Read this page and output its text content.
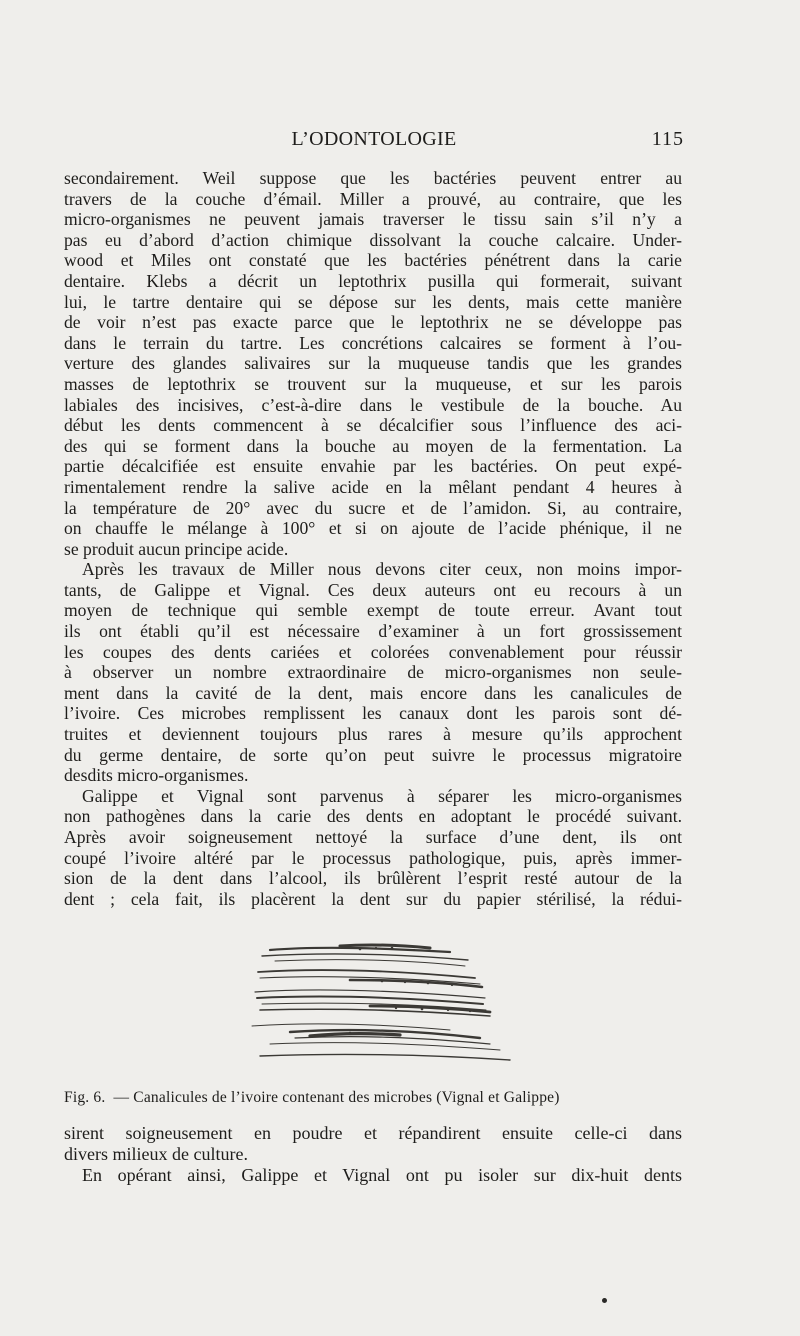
L’ODONTOLOGIE	115
secondairement. Weil suppose que les bactéries peuvent entrer au
travers de la couche d’émail. Miller a prouvé, au contraire, que les
micro-organismes ne peuvent jamais traverser le tissu sain s’il n’y a
pas eu d’abord d’action chimique dissolvant la couche calcaire. Under-
wood et Miles ont constaté que les bactéries pénétrent dans la carie
dentaire. Klebs a décrit un leptothrix pusilla qui formerait, suivant
lui, le tartre dentaire qui se dépose sur les dents, mais cette manière
de voir n’est pas exacte parce que le leptothrix ne se développe pas
dans le terrain du tartre. Les concrétions calcaires se forment à l’ou-
verture des glandes salivaires sur la muqueuse tandis que les grandes
masses de leptothrix se trouvent sur la muqueuse, et sur les parois
labiales des incisives, c’est-à-dire dans le vestibule de la bouche. Au
début les dents commencent à se décalcifier sous l’influence des aci-
des qui se forment dans la bouche au moyen de la fermentation. La
partie décalcifiée est ensuite envahie par les bactéries. On peut expé-
rimentalement rendre la salive acide en la mêlant pendant 4 heures à
la température de 20° avec du sucre et de l’amidon. Si, au contraire,
on chauffe le mélange à 100° et si on ajoute de l’acide phénique, il ne
se produit aucun principe acide.
Après les travaux de Miller nous devons citer ceux, non moins impor-
tants, de Galippe et Vignal. Ces deux auteurs ont eu recours à un
moyen de technique qui semble exempt de toute erreur. Avant tout
ils ont établi qu’il est nécessaire d’examiner à un fort grossissement
les coupes des dents cariées et colorées convenablement pour réussir
à observer un nombre extraordinaire de micro-organismes non seule-
ment dans la cavité de la dent, mais encore dans les canalicules de
l’ivoire. Ces microbes remplissent les canaux dont les parois sont dé-
truites et deviennent toujours plus rares à mesure qu’ils approchent
du germe dentaire, de sorte qu’on peut suivre le processus migratoire
desdits micro-organismes.
Galippe et Vignal sont parvenus à séparer les micro-organismes
non pathogènes dans la carie des dents en adoptant le procédé suivant.
Après avoir soigneusement nettoyé la surface d’une dent, ils ont
coupé l’ivoire altéré par le processus pathologique, puis, après immer-
sion de la dent dans l’alcool, ils brûlèrent l’esprit resté autour de la
dent ; cela fait, ils placèrent la dent sur du papier stérilisé, la rédui-
Fig. 6. — Canalicules de l’ivoire contenant des microbes (Vignal et Galippe)
sirent soigneusement en poudre et répandirent ensuite celle-ci dans
divers milieux de culture.
En opérant ainsi, Galippe et Vignal ont pu isoler sur dix-huit dents
